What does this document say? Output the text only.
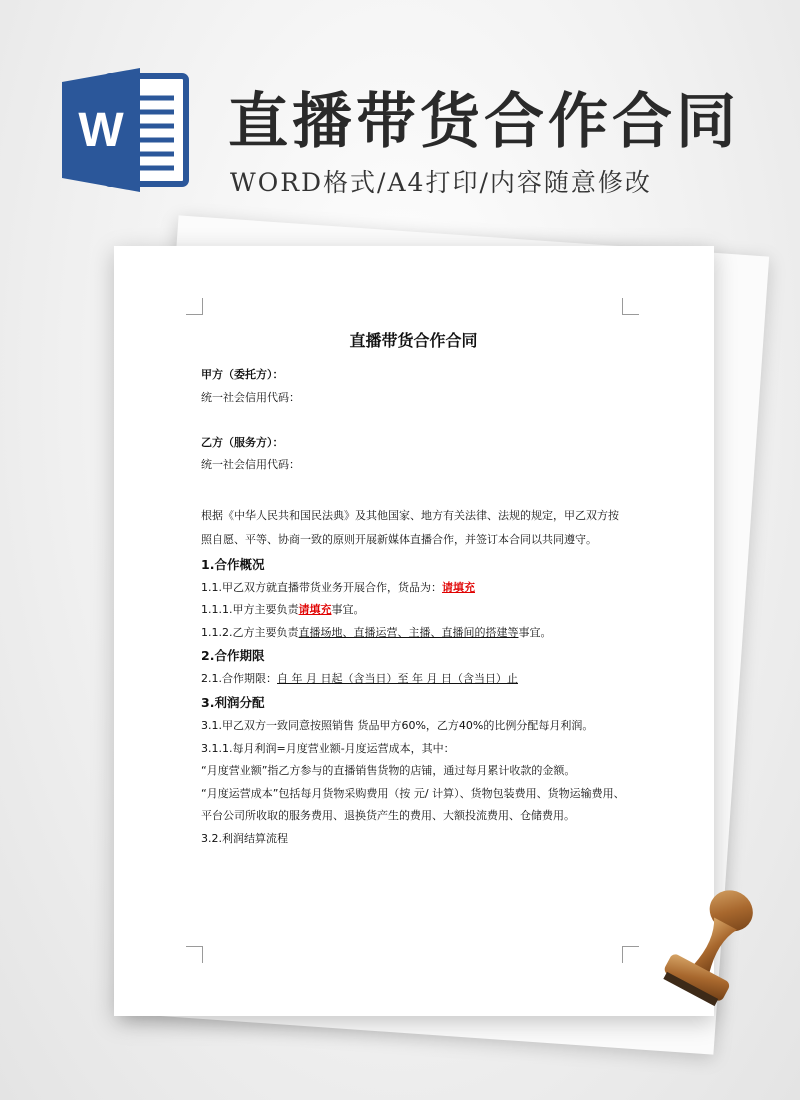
W 直播带货合作合同
WORD格式/A4打印/内容随意修改

直播带货合作合同

甲方（委托方）：

统一社会信用代码：

乙方（服务方）：

统一社会信用代码：

根据《中华人民共和国民法典》及其他国家、地方有关法律、法规的规定，甲乙双方按照自愿、平等、协商一致的原则开展新媒体直播合作，并签订本合同以共同遵守。

1.合作概况

1.1.甲乙双方就直播带货业务开展合作，货品为：请填充

1.1.1.甲方主要负责请填充事宜。

1.1.2.乙方主要负责直播场地、直播运营、主播、直播间的搭建等事宜。

2.合作期限

2.1.合作期限：自 年 月 日起（含当日）至 年 月 日（含当日）止

3.利润分配

3.1.甲乙双方一致同意按照销售 货品甲方60%，乙方40%的比例分配每月利润。

3.1.1.每月利润=月度营业额-月度运营成本，其中：

“月度营业额”指乙方参与的直播销售货物的店铺，通过每月累计收款的金额。

“月度运营成本”包括每月货物采购费用（按 元/ 计算）、货物包装费用、货物运输费用、平台公司所收取的服务费用、退换货产生的费用、大额投流费用、仓储费用。

3.2.利润结算流程
